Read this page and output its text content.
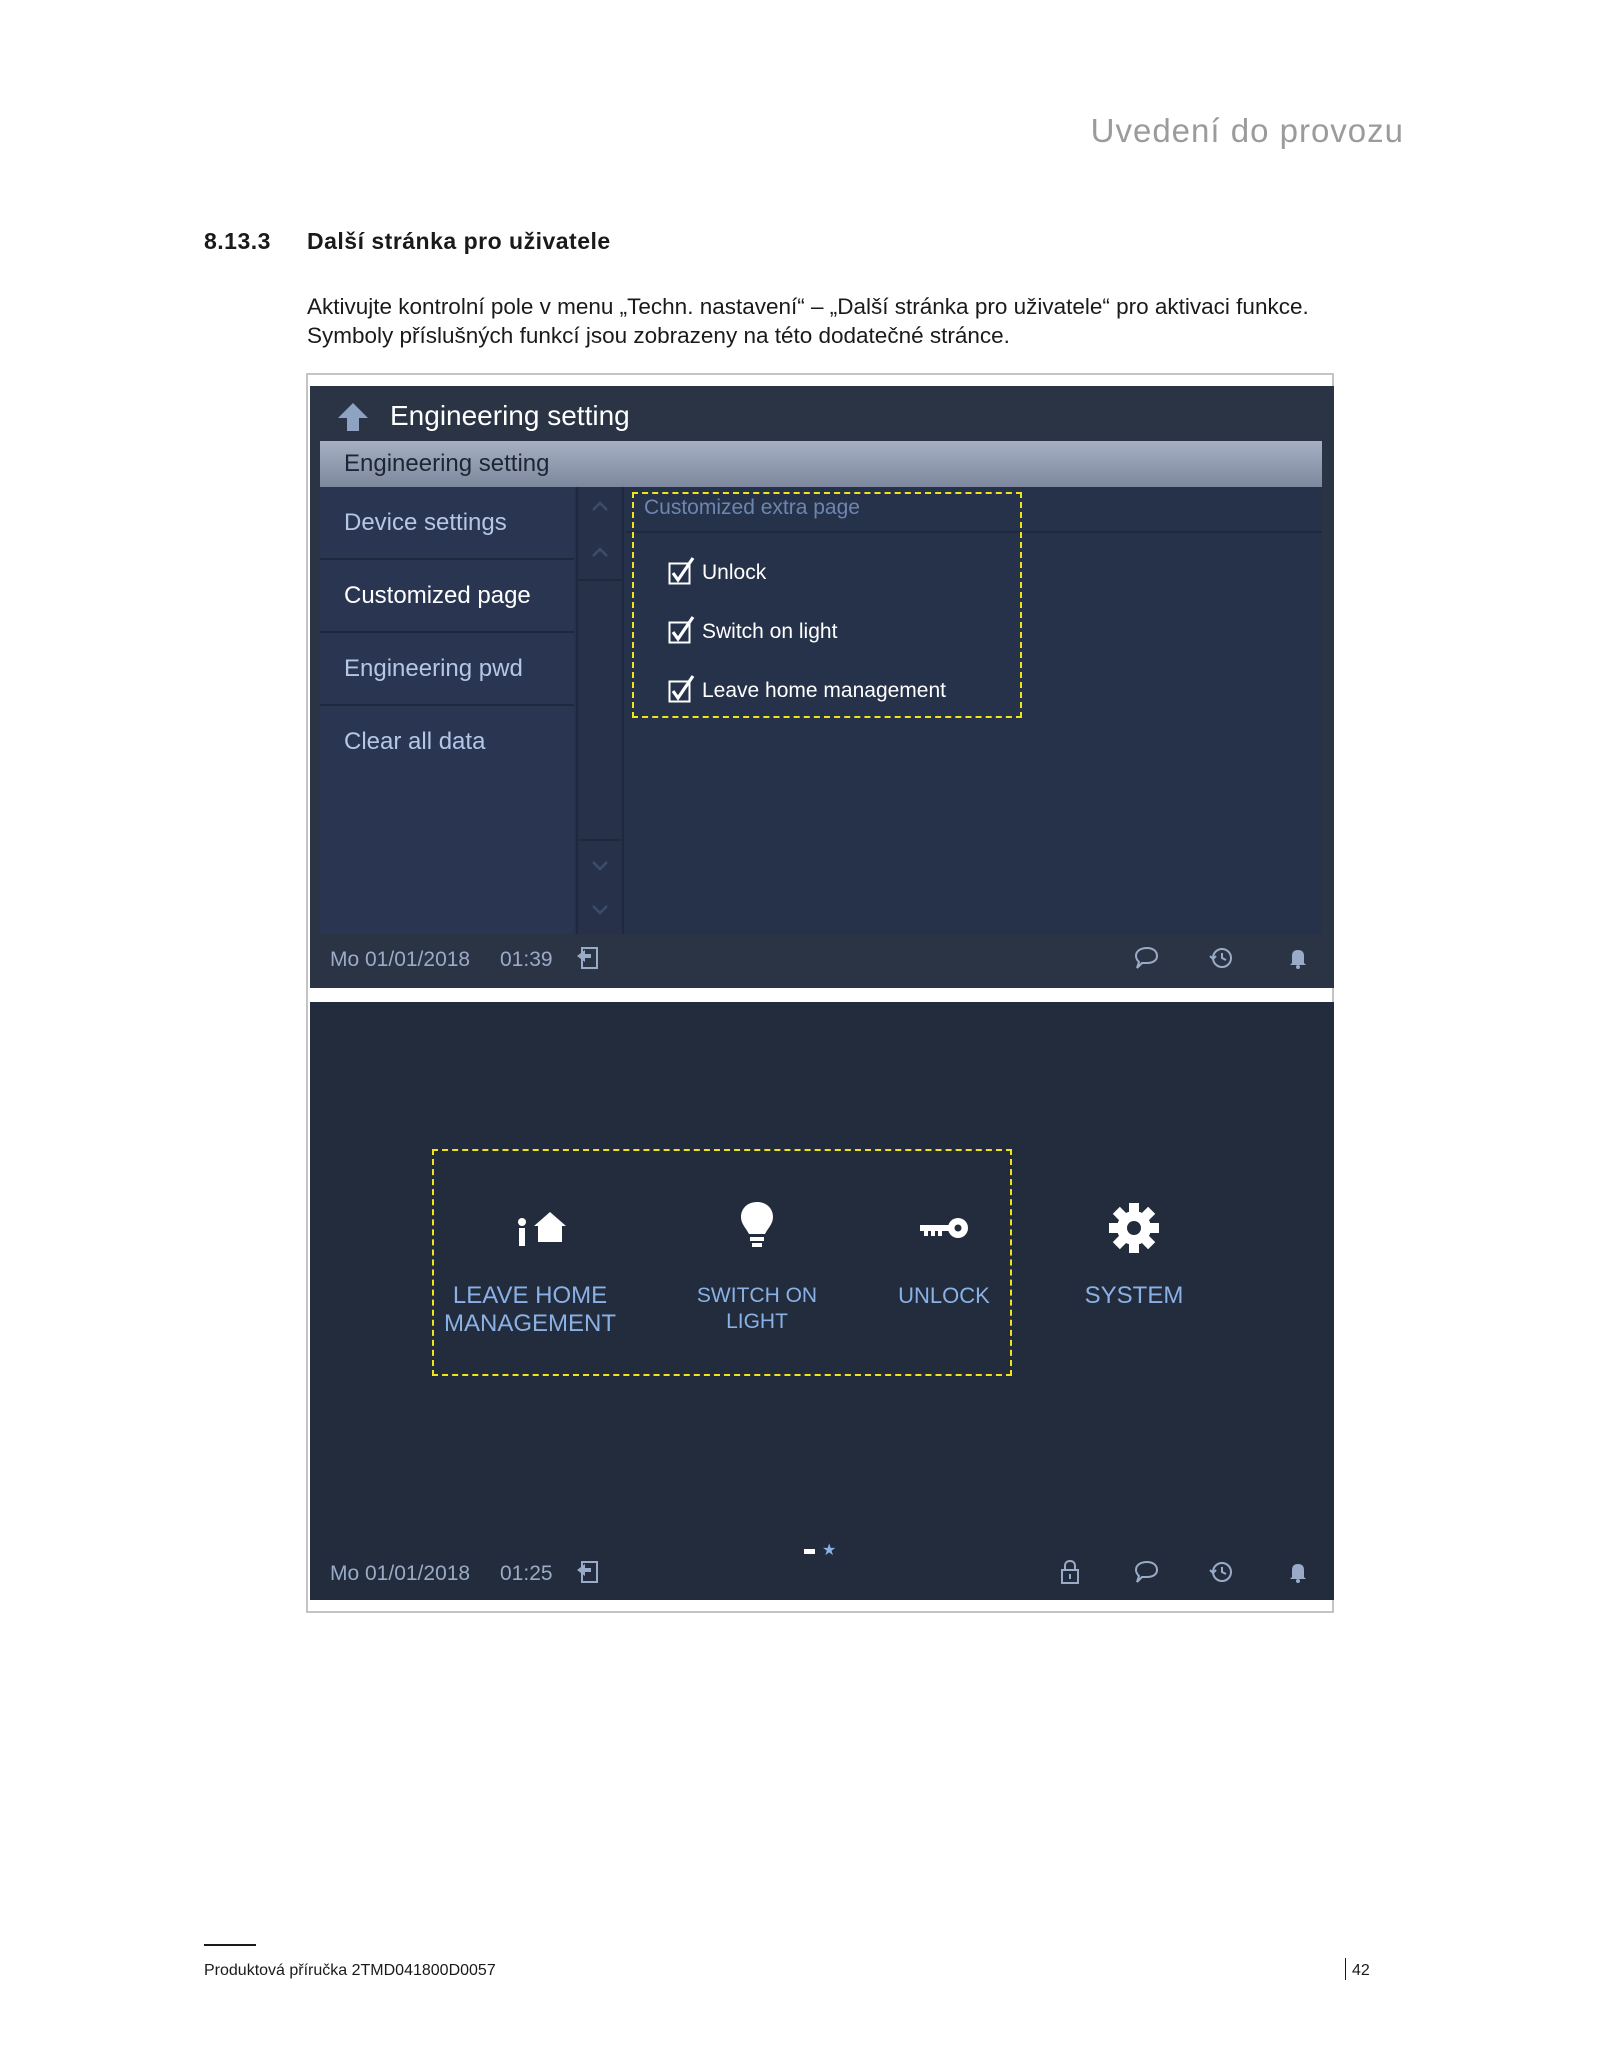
Uvedení do provozu
8.13.3 Další stránka pro uživatele
Aktivujte kontrolní pole v menu „Techn. nastavení“ – „Další stránka pro uživatele“ pro aktivaci funkce. Symboly příslušných funkcí jsou zobrazeny na této dodatečné stránce.
Engineering setting
Engineering setting
Device settings
Customized page
Engineering pwd
Clear all data
Customized extra page
Unlock
Switch on light
Leave home management
Mo 01/01/2018 01:39
LEAVE HOME
MANAGEMENT
SWITCH ON
LIGHT
UNLOCK	SYSTEM
Mo 01/01/2018 01:25
★
Produktová příručka 2TMD041800D0057	42
